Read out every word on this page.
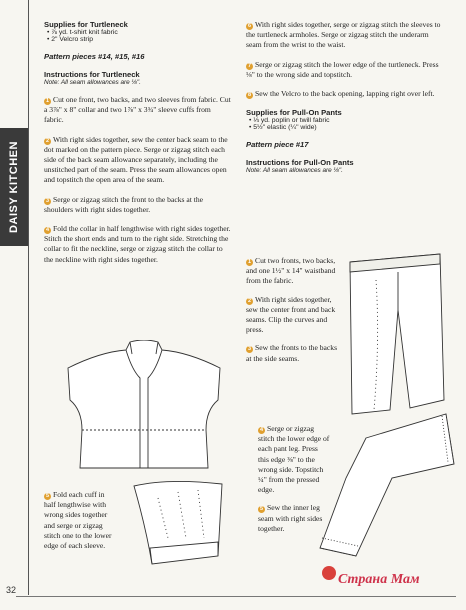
DAISY KITCHEN

Supplies for Turtleneck

• ⅞ yd. t-shirt knit fabric

• 2" Velcro strip

Pattern pieces #14, #15, #16

Instructions for Turtleneck

Note: All seam allowances are ⅛".

1 Cut one front, two backs, and two sleeves from fabric. Cut a 3⅞" x 8" collar and two 1⅞" x 3¾" sleeve cuffs from fabric.

2 With right sides together, sew the center back seam to the dot marked on the pattern piece. Serge or zigzag stitch each side of the back seam allowance separately, including the unstitched part of the seam. Press the seam allowances open and topstitch the open area of the seam.

3 Serge or zigzag stitch the front to the backs at the shoulders with right sides together.

4 Fold the collar in half lengthwise with right sides together. Stitch the short ends and turn to the right side. Stretching the collar to fit the neckline, serge or zigzag stitch the collar to the neckline with right sides together.

5 Fold each cuff in half lengthwise with wrong sides together and serge or zigzag stitch one to the lower edge of each sleeve.

6 With right sides together, serge or zigzag stitch the sleeves to the turtleneck armholes. Serge or zigzag stitch the underarm seam from the wrist to the waist.

7 Serge or zigzag stitch the lower edge of the turtleneck. Press ⅛" to the wrong side and topstitch.

8 Sew the Velcro to the back opening, lapping right over left.

Supplies for Pull-On Pants

• ⅓ yd. poplin or twill fabric

• 5½" elastic (¼" wide)

Pattern piece #17

Instructions for Pull-On Pants

Note: All seam allowances are ⅛".

1 Cut two fronts, two backs, and one 1½" x 14" waistband from the fabric.

2 With right sides together, sew the center front and back seams. Clip the curves and press.

3 Sew the fronts to the backs at the side seams.

4 Serge or zigzag stitch the lower edge of each pant leg. Press this edge ⅜" to the wrong side. Topstitch ¼" from the pressed edge.

5 Sew the inner leg seam with right sides together.

32
Страна Мам
